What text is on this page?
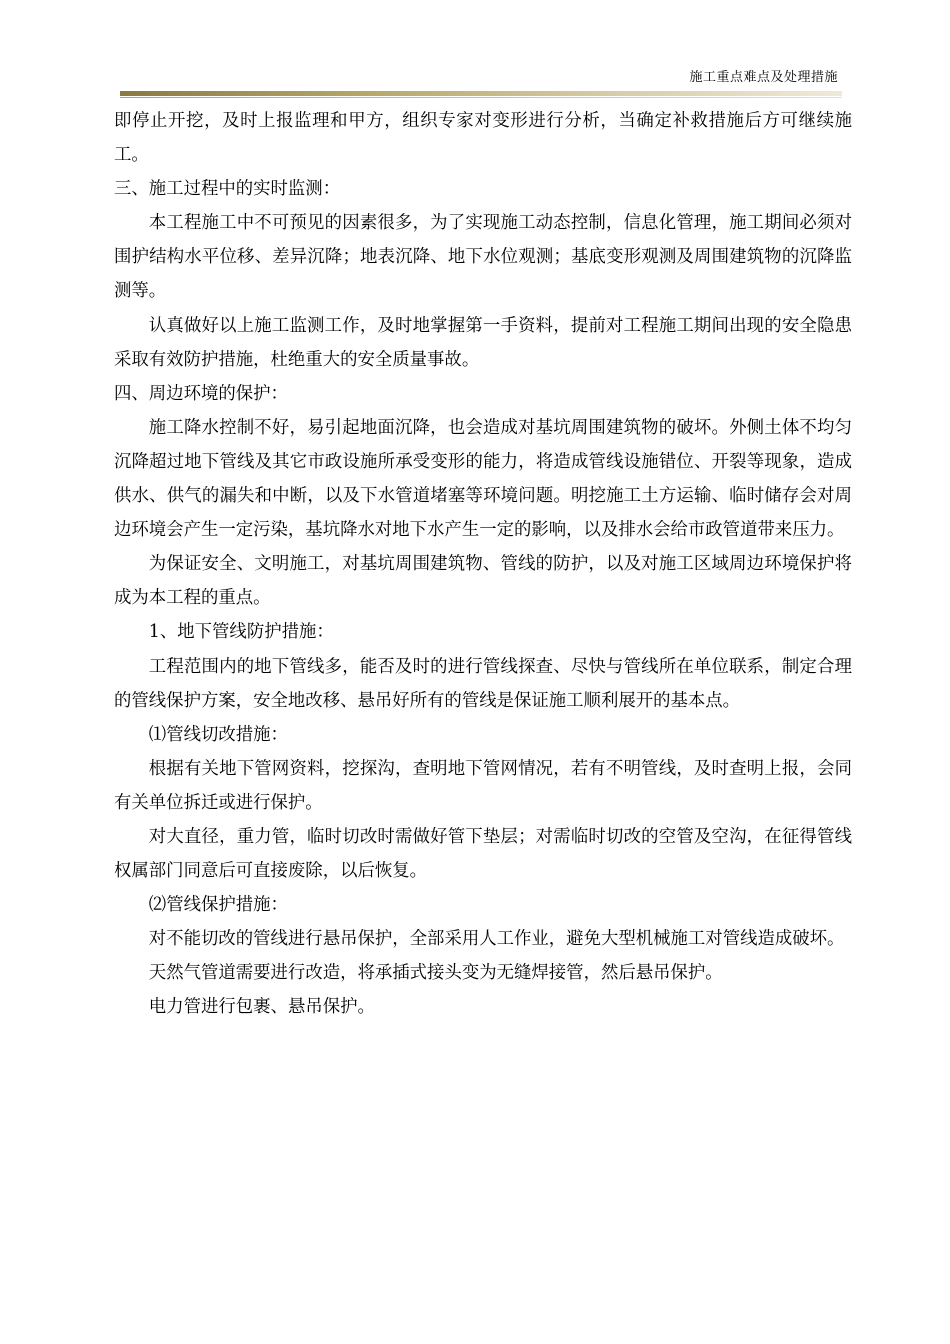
施工重点难点及处理措施

即停止开挖，及时上报监理和甲方，组织专家对变形进行分析，当确定补救措施后方可继续施工。

三、施工过程中的实时监测：

本工程施工中不可预见的因素很多，为了实现施工动态控制，信息化管理，施工期间必须对围护结构水平位移、差异沉降；地表沉降、地下水位观测；基底变形观测及周围建筑物的沉降监测等。

认真做好以上施工监测工作，及时地掌握第一手资料，提前对工程施工期间出现的安全隐患采取有效防护措施，杜绝重大的安全质量事故。

四、周边环境的保护：

施工降水控制不好，易引起地面沉降，也会造成对基坑周围建筑物的破坏。外侧土体不均匀沉降超过地下管线及其它市政设施所承受变形的能力，将造成管线设施错位、开裂等现象，造成供水、供气的漏失和中断，以及下水管道堵塞等环境问题。明挖施工土方运输、临时储存会对周边环境会产生一定污染，基坑降水对地下水产生一定的影响，以及排水会给市政管道带来压力。

为保证安全、文明施工，对基坑周围建筑物、管线的防护，以及对施工区域周边环境保护将成为本工程的重点。

1、地下管线防护措施：

工程范围内的地下管线多，能否及时的进行管线探查、尽快与管线所在单位联系，制定合理的管线保护方案，安全地改移、悬吊好所有的管线是保证施工顺利展开的基本点。

⑴管线切改措施：

根据有关地下管网资料，挖探沟，查明地下管网情况，若有不明管线，及时查明上报，会同有关单位拆迁或进行保护。

对大直径，重力管，临时切改时需做好管下垫层；对需临时切改的空管及空沟，在征得管线权属部门同意后可直接废除，以后恢复。

⑵管线保护措施：

对不能切改的管线进行悬吊保护，全部采用人工作业，避免大型机械施工对管线造成破坏。

天然气管道需要进行改造，将承插式接头变为无缝焊接管，然后悬吊保护。

电力管进行包裹、悬吊保护。
